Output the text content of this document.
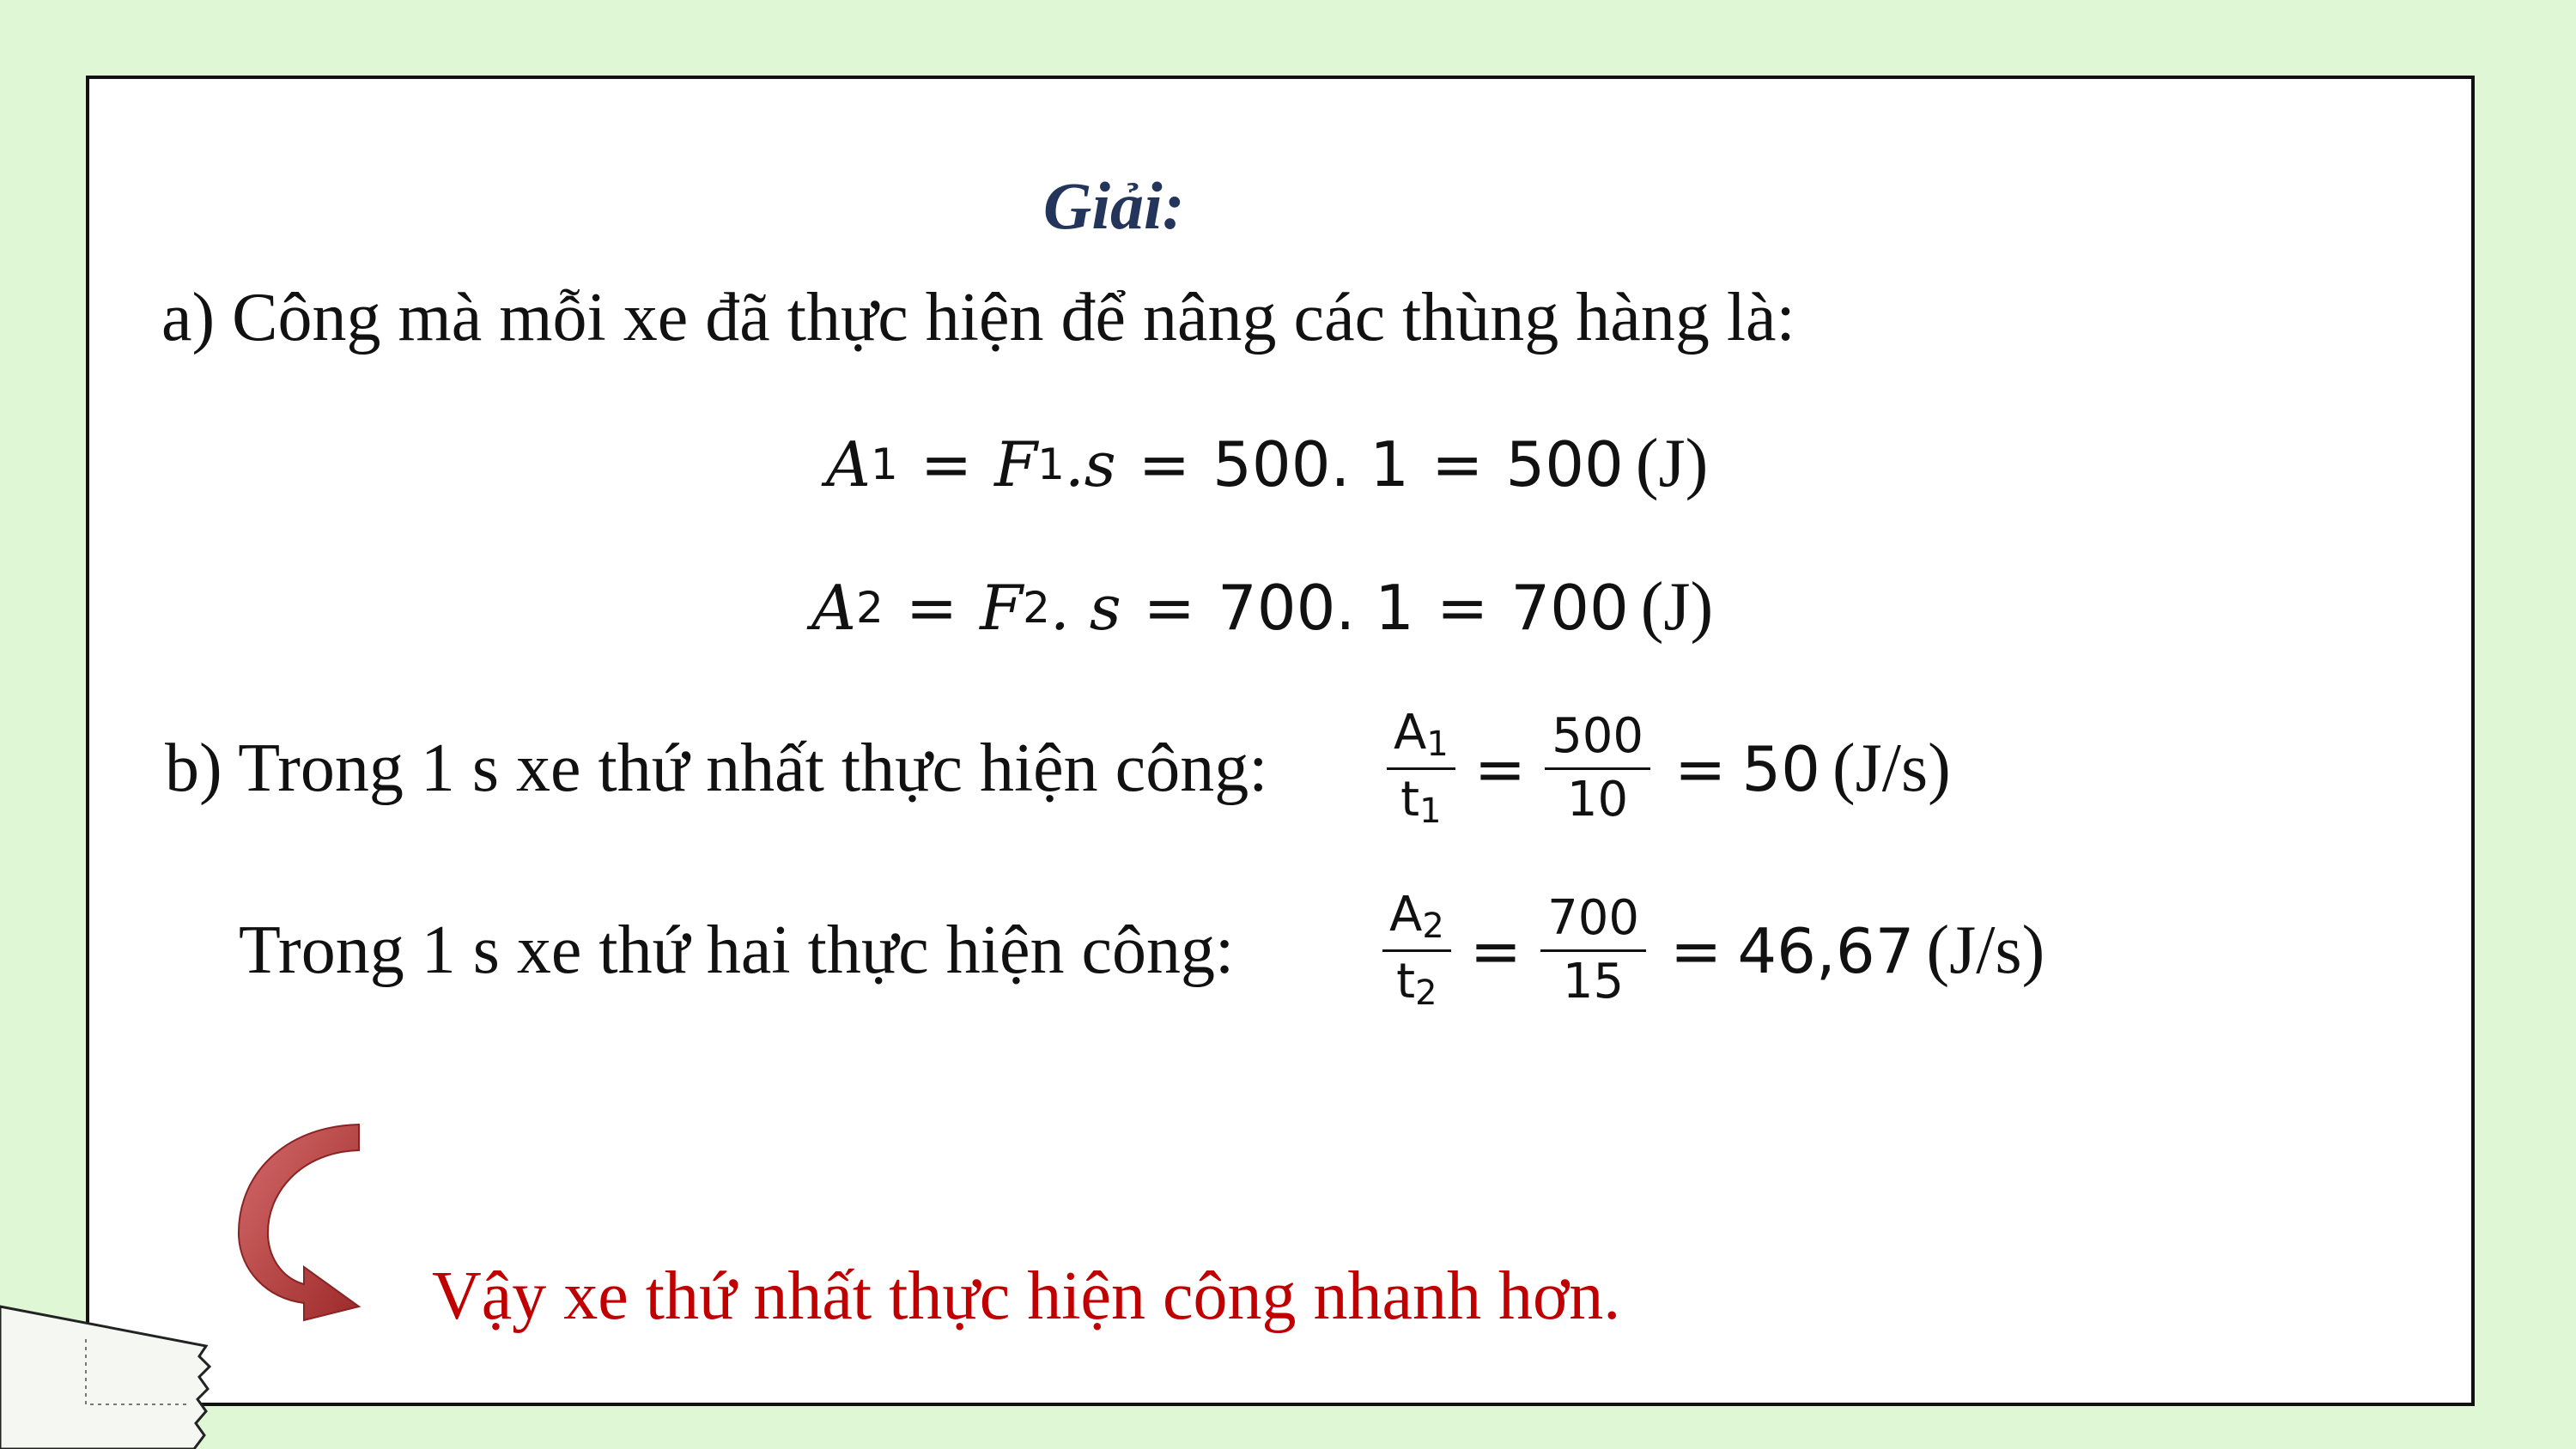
Giải:
a) Công mà mỗi xe đã thực hiện để nâng các thùng hàng là:
A 1 = F 1 .s = 500. 1 = 500 (J)
A 2 = F 2 . s = 700. 1 = 700 (J)
b) Trong 1 s xe thứ nhất thực hiện công: $\frac{A_1}{t_1} = \frac{500}{10} = 50$ (J/s)
Trong 1 s xe thứ hai thực hiện công:	$\frac{A_2}{t_2} = \frac{700}{15} = 46,67$ (J/s)
Vậy xe thứ nhất thực hiện công nhanh hơn.
